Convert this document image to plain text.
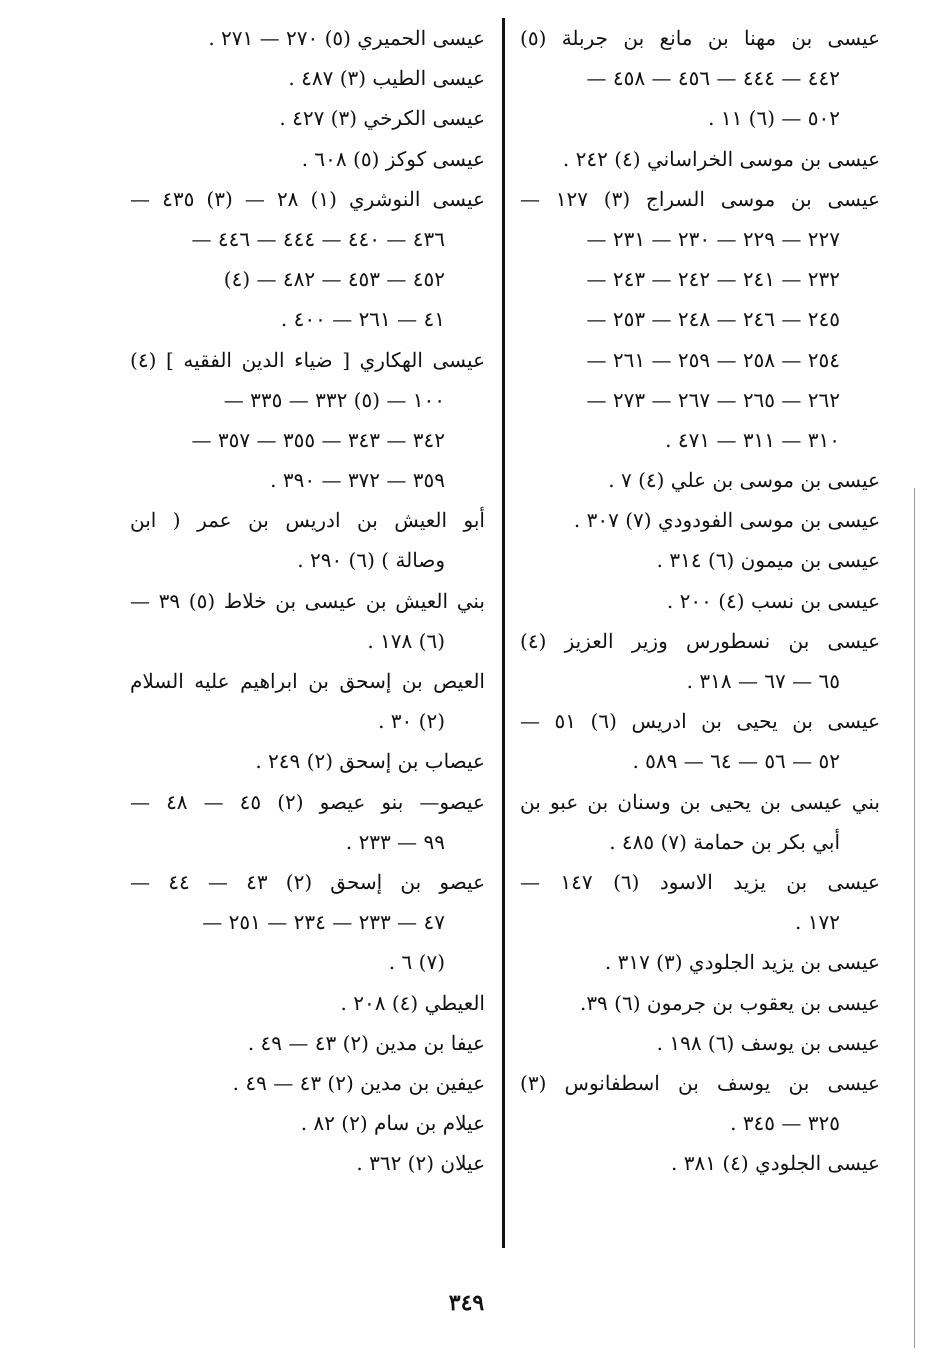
عيسى بن مهنا بن مانع بن جربلة (٥)
٤٤٢ — ٤٤٤ — ٤٥٦ — ٤٥٨ —
٥٠٢ — (٦) ١١ .
عيسى بن موسى الخراساني (٤) ٢٤٢ .
عيسى بن موسى السراج (٣) ١٢٧ —
٢٢٧ — ٢٢٩ — ٢٣٠ — ٢٣١ —
٢٣٢ — ٢٤١ — ٢٤٢ — ٢٤٣ —
٢٤٥ — ٢٤٦ — ٢٤٨ — ٢٥٣ —
٢٥٤ — ٢٥٨ — ٢٥٩ — ٢٦١ —
٢٦٢ — ٢٦٥ — ٢٦٧ — ٢٧٣ —
٣١٠ — ٣١١ — ٤٧١ .
عيسى بن موسى بن علي (٤) ٧ .
عيسى بن موسى الفودودي (٧) ٣٠٧ .
عيسى بن ميمون (٦) ٣١٤ .
عيسى بن نسب (٤) ٢٠٠ .
عيسى بن نسطورس وزير العزيز (٤)
٦٥ — ٦٧ — ٣١٨ .
عيسى بن يحيى بن ادريس (٦) ٥١ —
٥٢ — ٥٦ — ٦٤ — ٥٨٩ .
بني عيسى بن يحيى بن وسنان بن عبو بن
أبي بكر بن حمامة (٧) ٤٨٥ .
عيسى بن يزيد الاسود (٦) ١٤٧ —
١٧٢ .
عيسى بن يزيد الجلودي (٣) ٣١٧ .
عيسى بن يعقوب بن جرمون (٦) ٣٩.
عيسى بن يوسف (٦) ١٩٨ .
عيسى بن يوسف بن اسطفانوس (٣)
٣٢٥ — ٣٤٥ .
عيسى الجلودي (٤) ٣٨١ .
عيسى الحميري (٥) ٢٧٠ — ٢٧١ .
عيسى الطيب (٣) ٤٨٧ .
عيسى الكرخي (٣) ٤٢٧ .
عيسى كوكز (٥) ٦٠٨ .
عيسى النوشري (١) ٢٨ — (٣) ٤٣٥ —
٤٣٦ — ٤٤٠ — ٤٤٤ — ٤٤٦ —
٤٥٢ — ٤٥٣ — ٤٨٢ — (٤)
٤١ — ٢٦١ — ٤٠٠ .
عيسى الهكاري [ ضياء الدين الفقيه ] (٤)
١٠٠ — (٥) ٣٣٢ — ٣٣٥ —
٣٤٢ — ٣٤٣ — ٣٥٥ — ٣٥٧ —
٣٥٩ — ٣٧٢ — ٣٩٠ .
أبو العيش بن ادريس بن عمر ( ابن
وصالة ) (٦) ٢٩٠ .
بني العيش بن عيسى بن خلاط (٥) ٣٩ —
(٦) ١٧٨ .
العيص بن إسحق بن ابراهيم عليه السلام
(٢) ٣٠ .
عيصاب بن إسحق (٢) ٢٤٩ .
عيصو— بنو عيصو (٢) ٤٥ — ٤٨ —
٩٩ — ٢٣٣ .
عيصو بن إسحق (٢) ٤٣ — ٤٤ —
٤٧ — ٢٣٣ — ٢٣٤ — ٢٥١ —
(٧) ٦ .
العيطي (٤) ٢٠٨ .
عيفا بن مدين (٢) ٤٣ — ٤٩ .
عيفين بن مدين (٢) ٤٣ — ٤٩ .
عيلام بن سام (٢) ٨٢ .
عيلان (٢) ٣٦٢ .
٣٤٩
